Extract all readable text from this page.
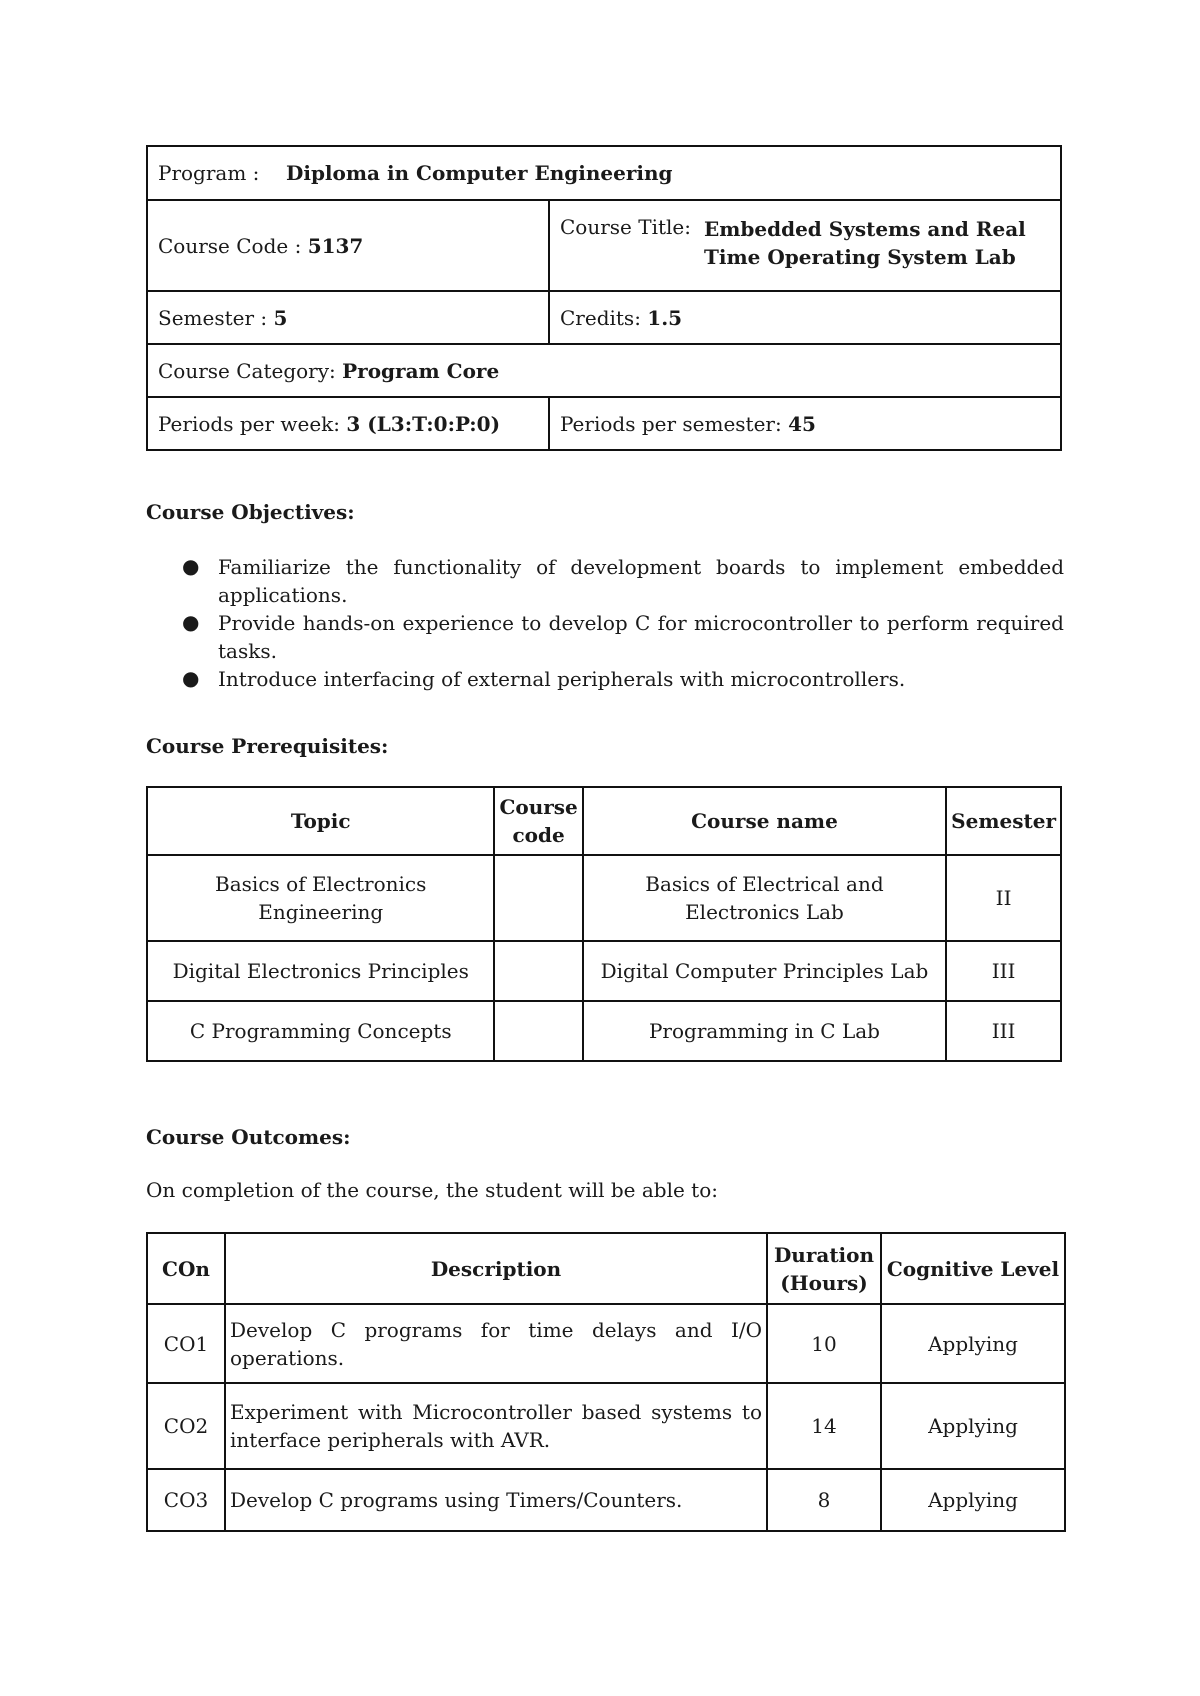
Program : Diploma in Computer Engineering	
Course Code : 5137	Course Title: Embedded Systems and Real
Time Operating System Lab

Semester : 5	Credits: 1.5
Course Category: Program Core	
Periods per week: 3 (L3:T:0:P:0)	Periods per semester: 45
Course Objectives:
● Familiarize the functionality of development boards to implement embedded applications.
● Provide hands-on experience to develop C for microcontroller to perform required tasks.
● Introduce interfacing of external peripherals with microcontrollers.
Course Prerequisites:
Topic	Course code	Course name	Semester
Basics of Electronics Engineering		Basics of Electrical and Electronics Lab	II
Digital Electronics Principles		Digital Computer Principles Lab	III
C Programming Concepts		Programming in C Lab	III
Course Outcomes:
On completion of the course, the student will be able to:
COn	Description	Duration (Hours)	Cognitive Level
CO1	Develop C programs for time delays and I/O operations.	10	Applying
CO2	Experiment with Microcontroller based systems to interface peripherals with AVR.	14	Applying
CO3	Develop C programs using Timers/Counters.	8	Applying
